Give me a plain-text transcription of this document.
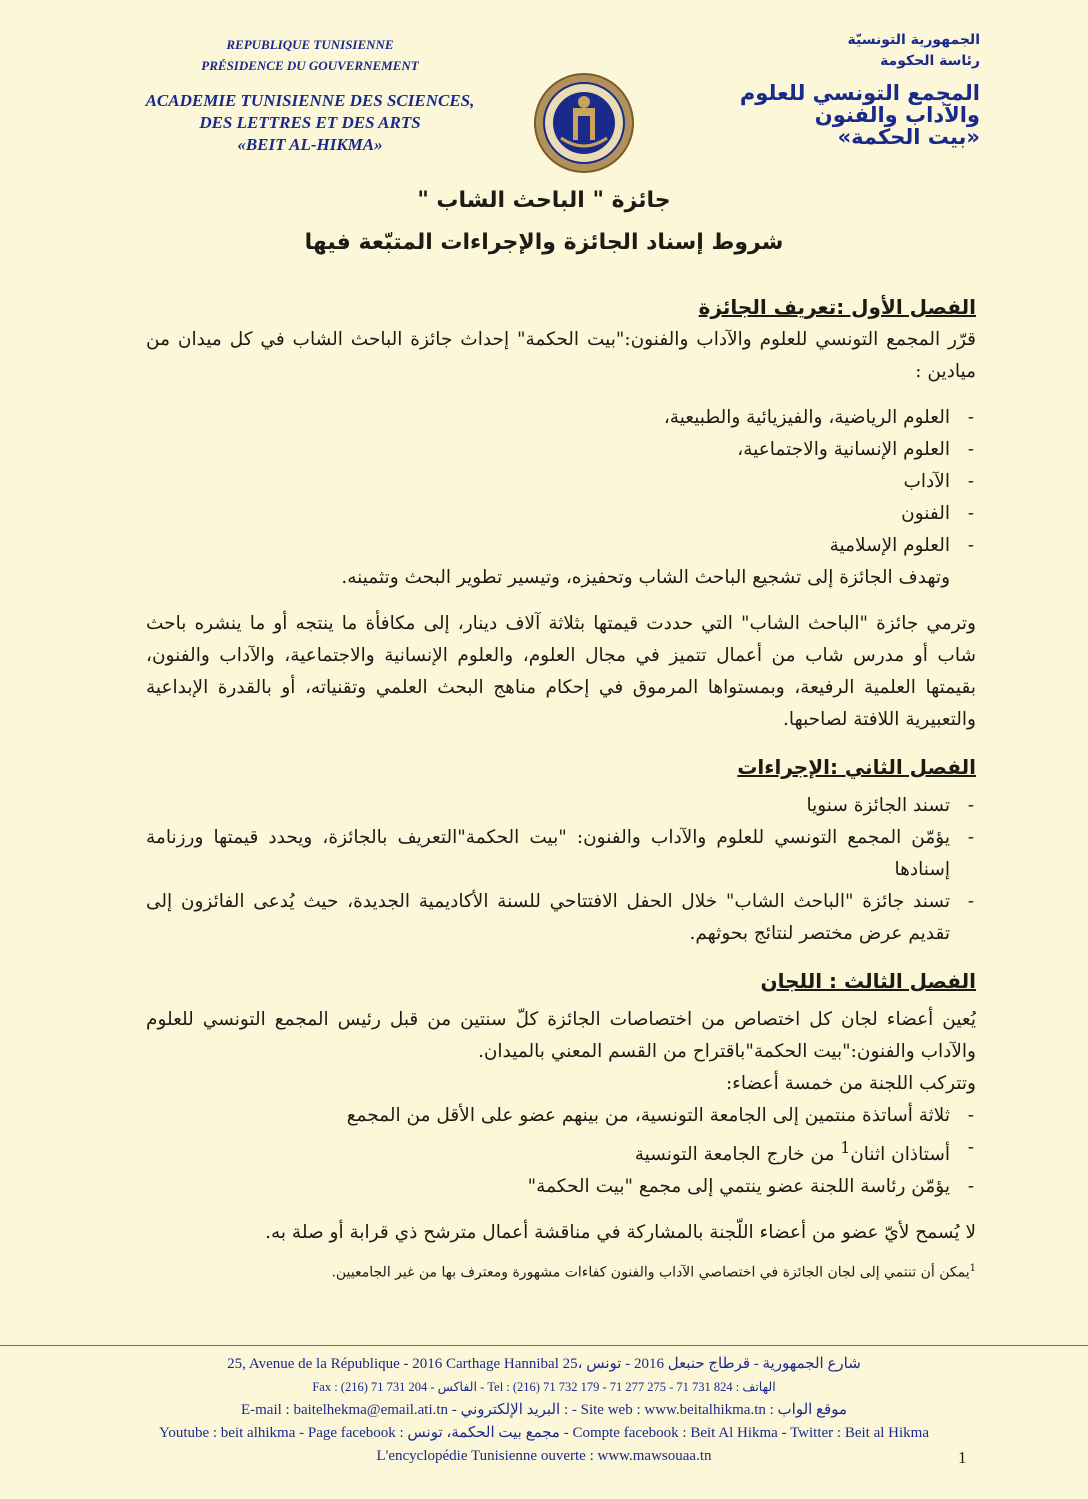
REPUBLIQUE TUNISIENNE
PRÉSIDENCE DU GOUVERNEMENT
ACADEMIE TUNISIENNE DES SCIENCES,
DES LETTRES ET DES ARTS
«BEIT AL-HIKMA»
الجمهورية التونسيّة
رئاسة الحكومة
المجمع التونسي للعلوم
والآداب والفنون
«بيت الحكمة»
جائزة " الباحث الشاب "
شروط إسناد الجائزة والإجراءات المتبّعة فيها
الفصل الأول :تعريف الجائزة

قرّر المجمع التونسي للعلوم والآداب والفنون:"بيت الحكمة" إحداث جائزة الباحث الشاب في كل ميدان من ميادين :

-
العلوم الرياضية، والفيزيائية والطبيعية،

-
العلوم الإنسانية والاجتماعية،

-
الآداب

-
الفنون

-
العلوم الإسلامية

وتهدف الجائزة إلى تشجيع الباحث الشاب وتحفيزه، وتيسير تطوير البحث وتثمينه.

وترمي جائزة "الباحث الشاب" التي حددت قيمتها بثلاثة آلاف دينار، إلى مكافأة ما ينتجه أو ما ينشره باحث شاب أو مدرس شاب من أعمال تتميز في مجال العلوم، والعلوم الإنسانية والاجتماعية، والآداب والفنون، بقيمتها العلمية الرفيعة، وبمستواها المرموق في إحكام مناهج البحث العلمي وتقنياته، أو بالقدرة الإبداعية والتعبيرية اللافتة لصاحبها.

الفصل الثاني :الإجراءات

-
تسند الجائزة سنويا

-
يؤمّن المجمع التونسي للعلوم والآداب والفنون: "بيت الحكمة"التعريف بالجائزة، ويحدد قيمتها ورزنامة إسنادها

-
تسند جائزة "الباحث الشاب" خلال الحفل الافتتاحي للسنة الأكاديمية الجديدة، حيث يُدعى الفائزون إلى تقديم عرض مختصر لنتائج بحوثهم.

الفصل الثالث : اللجان

يُعين أعضاء لجان كل اختصاص من اختصاصات الجائزة كلّ سنتين من قبل رئيس المجمع التونسي للعلوم والآداب والفنون:"بيت الحكمة"باقتراح من القسم المعني بالميدان.

وتتركب اللجنة من خمسة أعضاء:

-
ثلاثة أساتذة منتمين إلى الجامعة التونسية، من بينهم عضو على الأقل من المجمع

-
أستاذان اثنان$^1$ من خارج الجامعة التونسية

-
يؤمّن رئاسة اللجنة عضو ينتمي إلى مجمع "بيت الحكمة"

لا يُسمح لأيّ عضو من أعضاء اللّجنة بالمشاركة في مناقشة أعمال مترشح ذي قرابة أو صلة به.

$^1$يمكن أن تنتمي إلى لجان الجائزة في اختصاصي الآداب والفنون كفاءات مشهورة ومعترف بها من غير الجامعيين.

25, Avenue de la République - 2016 Carthage Hannibal 25، شارع الجمهورية - قرطاج حنبعل 2016 - تونس
Fax : (216) 71 731 204 - الفاكس - Tel : (216) 71 732 179 - 71 277 275 - 71 731 824 : الهاتف
E-mail : baitelhekma@email.ati.tn - البريد الإلكتروني : - Site web : www.beitalhikma.tn : موقع الواب
Youtube : beit alhikma - Page facebook : مجمع بيت الحكمة، تونس - Compte facebook : Beit Al Hikma - Twitter : Beit al Hikma
L'encyclopédie Tunisienne ouverte : www.mawsouaa.tn	1
